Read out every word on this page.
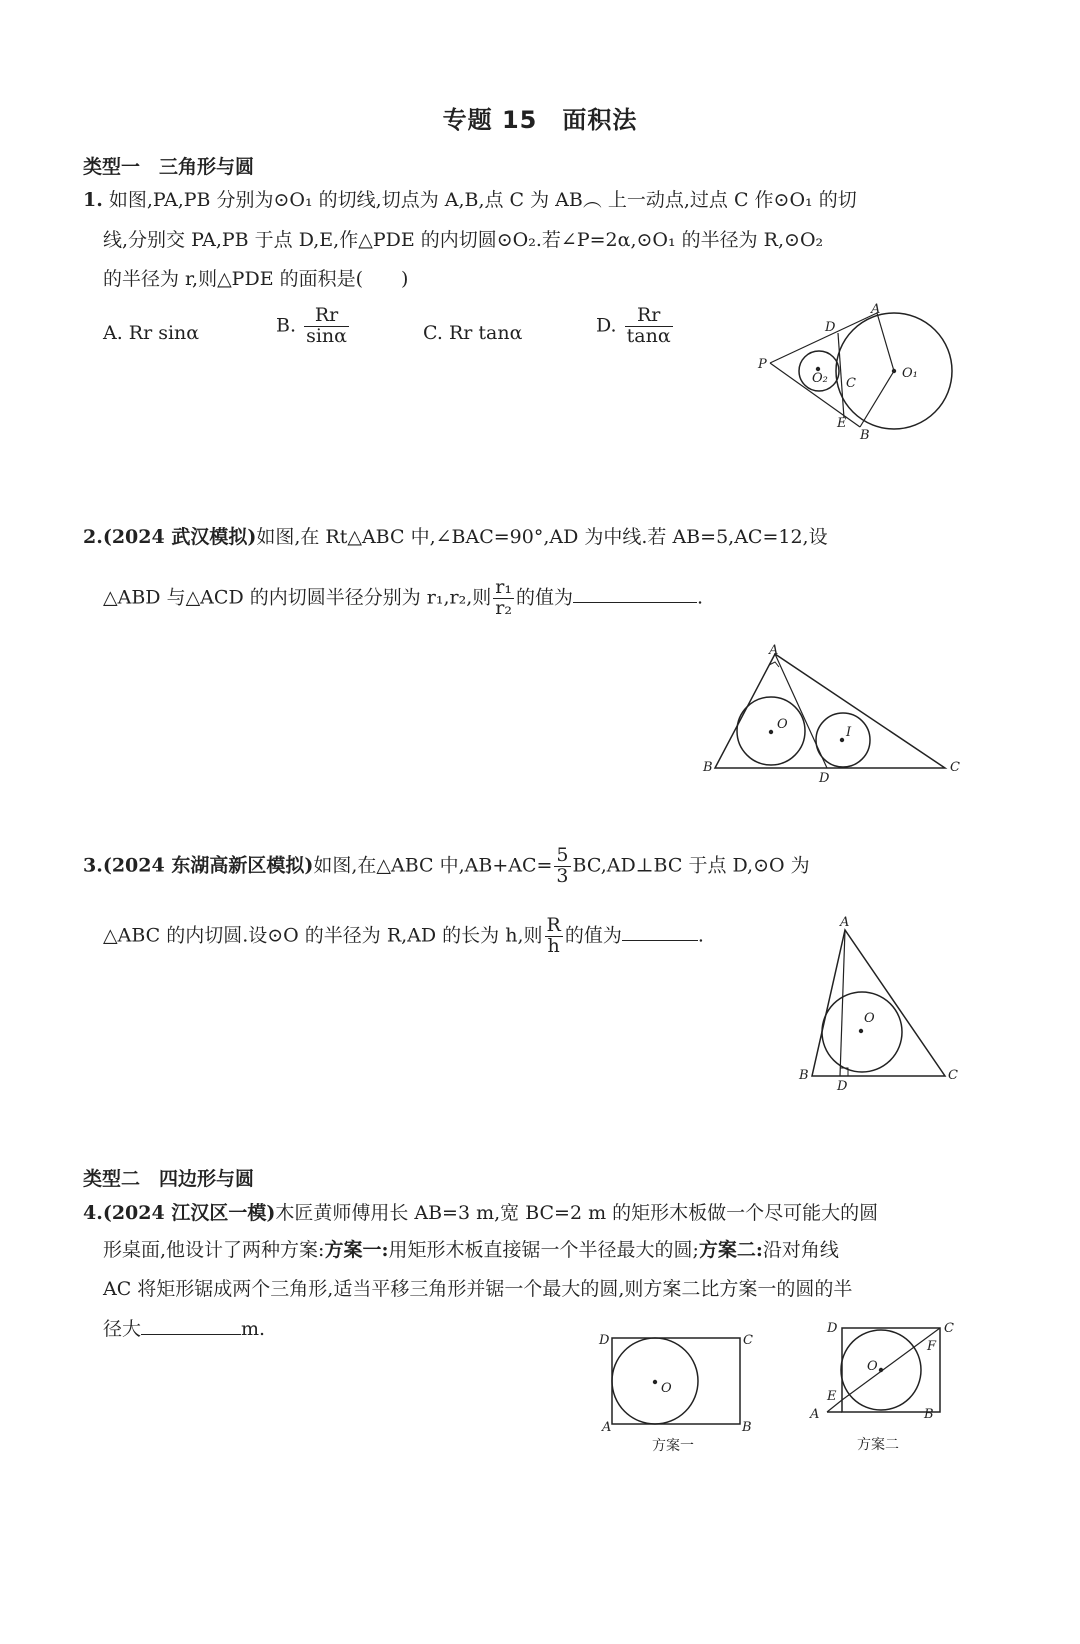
专题 15　面积法
类型一　三角形与圆
1. 如图,PA,PB 分别为⊙O₁ 的切线,切点为 A,B,点 C 为 AB︵ 上一动点,过点 C 作⊙O₁ 的切
线,分别交 PA,PB 于点 D,E,作△PDE 的内切圆⊙O₂.若∠P=2α,⊙O₁ 的半径为 R,⊙O₂
的半径为 r,则△PDE 的面积是(　　)
A. Rr sinα	B. $\frac{Rr}{\sin\alpha}$	C. Rr tanα	D. $\frac{Rr}{\tan\alpha}$	A
B
C
D
E
P
O₁
O₂
2.(2024 武汉模拟)如图,在 Rt△ABC 中,∠BAC=90°,AD 为中线.若 AB=5,AC=12,设
△ABD 与△ACD 的内切圆半径分别为 r₁,r₂,则 $\frac{\text{r₁}}{\text{r₂}}$ 的值为	.
A
B	C
D
O
I
3.(2024 东湖高新区模拟)如图,在△ABC 中$,AB+AC= \frac{5}{3}$ BC,AD⊥BC 于点 D,⊙O 为
△ABC 的内切圆.设⊙O 的半径为 R,AD 的长为 h,则 $\frac{R}{h}$ 的值为	.
A
B	C
D
O
类型二　四边形与圆
4.(2024 江汉区一模)木匠黄师傅用长 AB=3 m,宽 BC=2 m 的矩形木板做一个尽可能大的圆
形桌面,他设计了两种方案:方案一:用矩形木板直接锯一个半径最大的圆;方案二:沿对角线
AC 将矩形锯成两个三角形,适当平移三角形并锯一个最大的圆,则方案二比方案一的圆的半
径大	m.
D	C
A	B
O
方案一
D	C
A	B
E
F
O
方案二
